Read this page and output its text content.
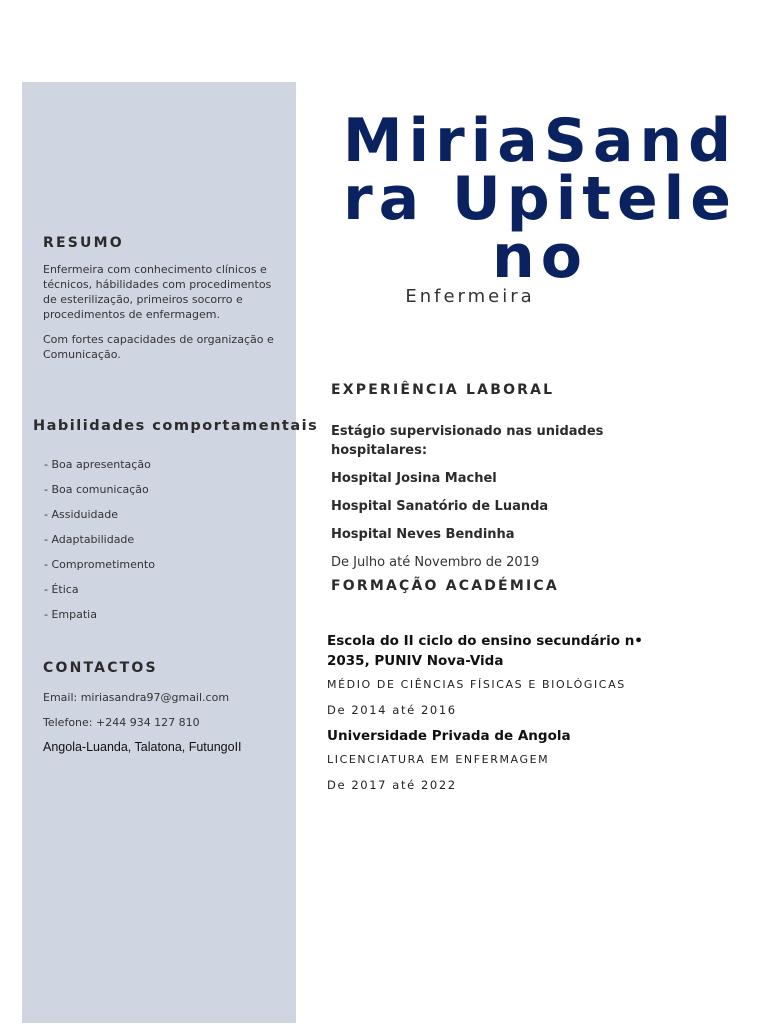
RESUMO

Enfermeira com conhecimento clínicos e técnicos, hábilidades com procedimentos de esterilização, primeiros socorro e procedimentos de enfermagem.

Com fortes capacidades de organização e Comunicação.

Habilidades comportamentais
- Boa apresentação
- Boa comunicação
- Assiduidade
- Adaptabilidade
- Comprometimento
- Ética
- Empatia
CONTACTOS
Email: miriasandra97@gmail.com
Telefone: +244 934 127 810
Angola-Luanda, Talatona, FutungoII
MiriaSandra Upiteleno
Enfermeira
EXPERIÊNCIA LABORAL
Estágio supervisionado nas unidades hospitalares:
Hospital Josina Machel
Hospital Sanatório de Luanda
Hospital Neves Bendinha
De Julho até Novembro de 2019
FORMAÇÃO ACADÉMICA
Escola do II ciclo do ensino secundário n• 2035, PUNIV Nova-Vida
MÉDIO DE CIÊNCIAS FÍSICAS E BIOLÓGICAS
De 2014 até 2016
Universidade Privada de Angola
LICENCIATURA EM ENFERMAGEM
De 2017 até 2022
